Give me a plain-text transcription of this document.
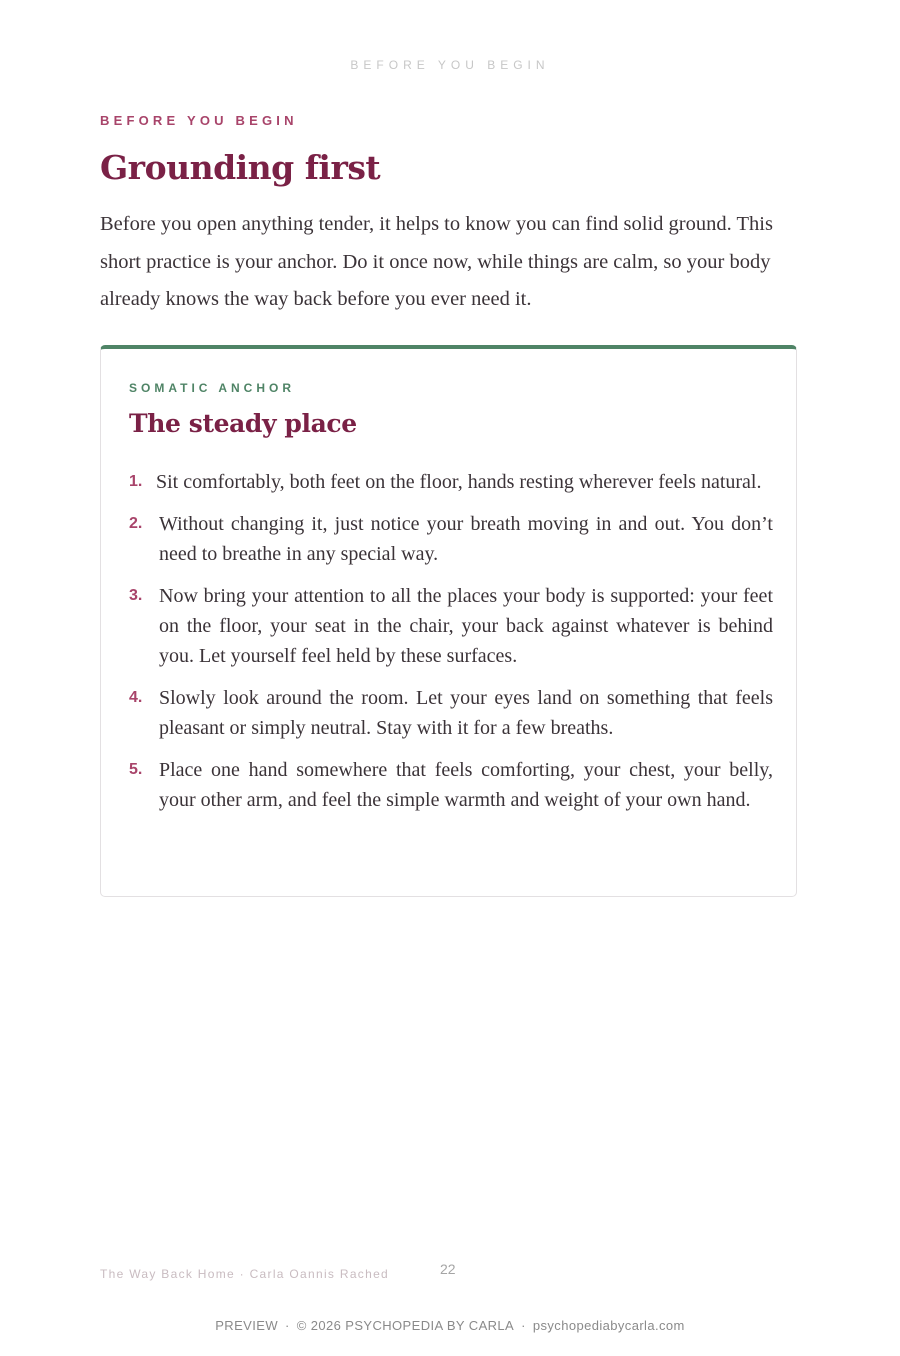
BEFORE YOU BEGIN
BEFORE YOU BEGIN
Grounding first

Before you open anything tender, it helps to know you can find solid ground. This short practice is your anchor. Do it once now, while things are calm, so your body already knows the way back before you ever need it.

SOMATIC ANCHOR
The steady place
1. Sit comfortably, both feet on the floor, hands resting wherever feels natural.
2. Without changing it, just notice your breath moving in and out. You don’t need to breathe in any special way.
3. Now bring your attention to all the places your body is supported: your feet on the floor, your seat in the chair, your back against whatever is behind you. Let yourself feel held by these surfaces.
4. Slowly look around the room. Let your eyes land on something that feels pleasant or simply neutral. Stay with it for a few breaths.
5. Place one hand somewhere that feels comforting, your chest, your belly, your other arm, and feel the simple warmth and weight of your own hand.
The Way Back Home · Carla Oannis Rached	22
PREVIEW · © 2026 PSYCHOPEDIA BY CARLA · psychopediabycarla.com
